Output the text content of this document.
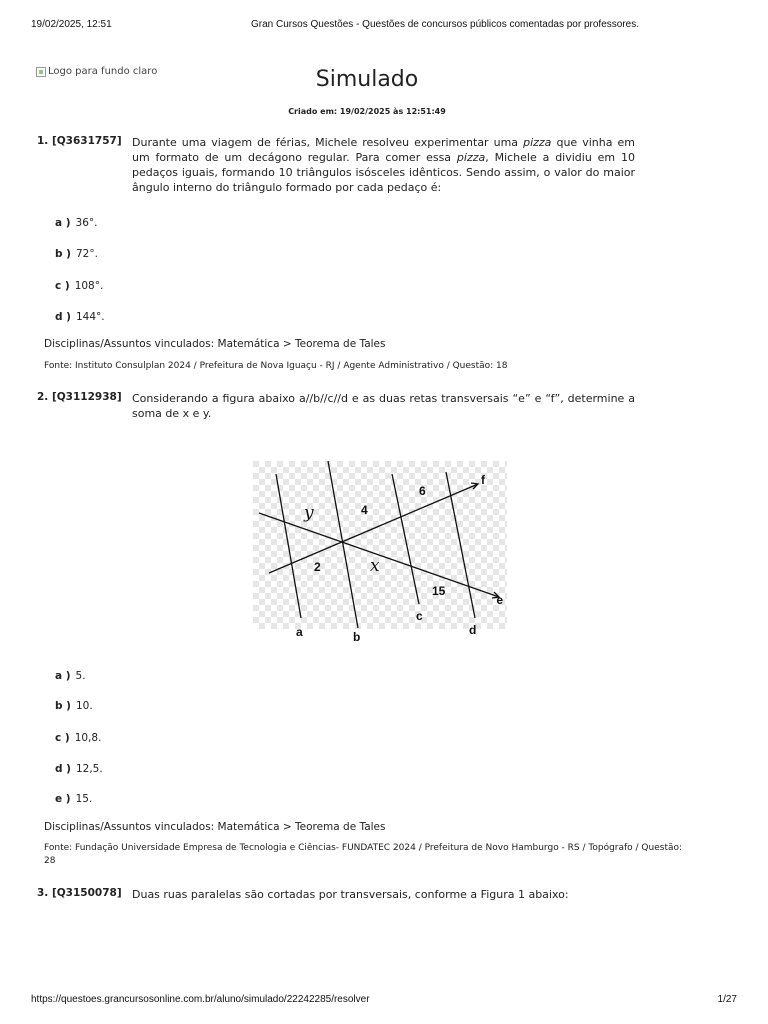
19/02/2025, 12:51	Gran Cursos Questões - Questões de concursos públicos comentadas por professores.
Logo para fundo claro	Simulado
Criado em: 19/02/2025 às 12:51:49
1. [Q3631757] Durante uma viagem de férias, Michele resolveu experimentar uma pizza que vinha em um formato de um decágono regular. Para comer essa pizza, Michele a dividiu em 10 pedaços iguais, formando 10 triângulos isósceles idênticos. Sendo assim, o valor do maior ângulo interno do triângulo formado por cada pedaço é:

a ) 36°.
b ) 72°.
c ) 108°.
d ) 144°.
Disciplinas/Assuntos vinculados: Matemática > Teorema de Tales
Fonte: Instituto Consulplan 2024 / Prefeitura de Nova Iguaçu - RJ / Agente Administrativo / Questão: 18
2. [Q3112938] Considerando a figura abaixo a//b//c//d e as duas retas transversais “e” e “f”, determine a soma de x e y.

a	b
c
d
e
f
4
6
2
15
y
x
a ) 5.
b ) 10.
c ) 10,8.
d ) 12,5.
e ) 15.
Disciplinas/Assuntos vinculados: Matemática > Teorema de Tales
Fonte: Fundação Universidade Empresa de Tecnologia e Ciências- FUNDATEC 2024 / Prefeitura de Novo Hamburgo - RS / Topógrafo / Questão: 28
3. [Q3150078] Duas ruas paralelas são cortadas por transversais, conforme a Figura 1 abaixo:

https://questoes.grancursosonline.com.br/aluno/simulado/22242285/resolver	1/27
